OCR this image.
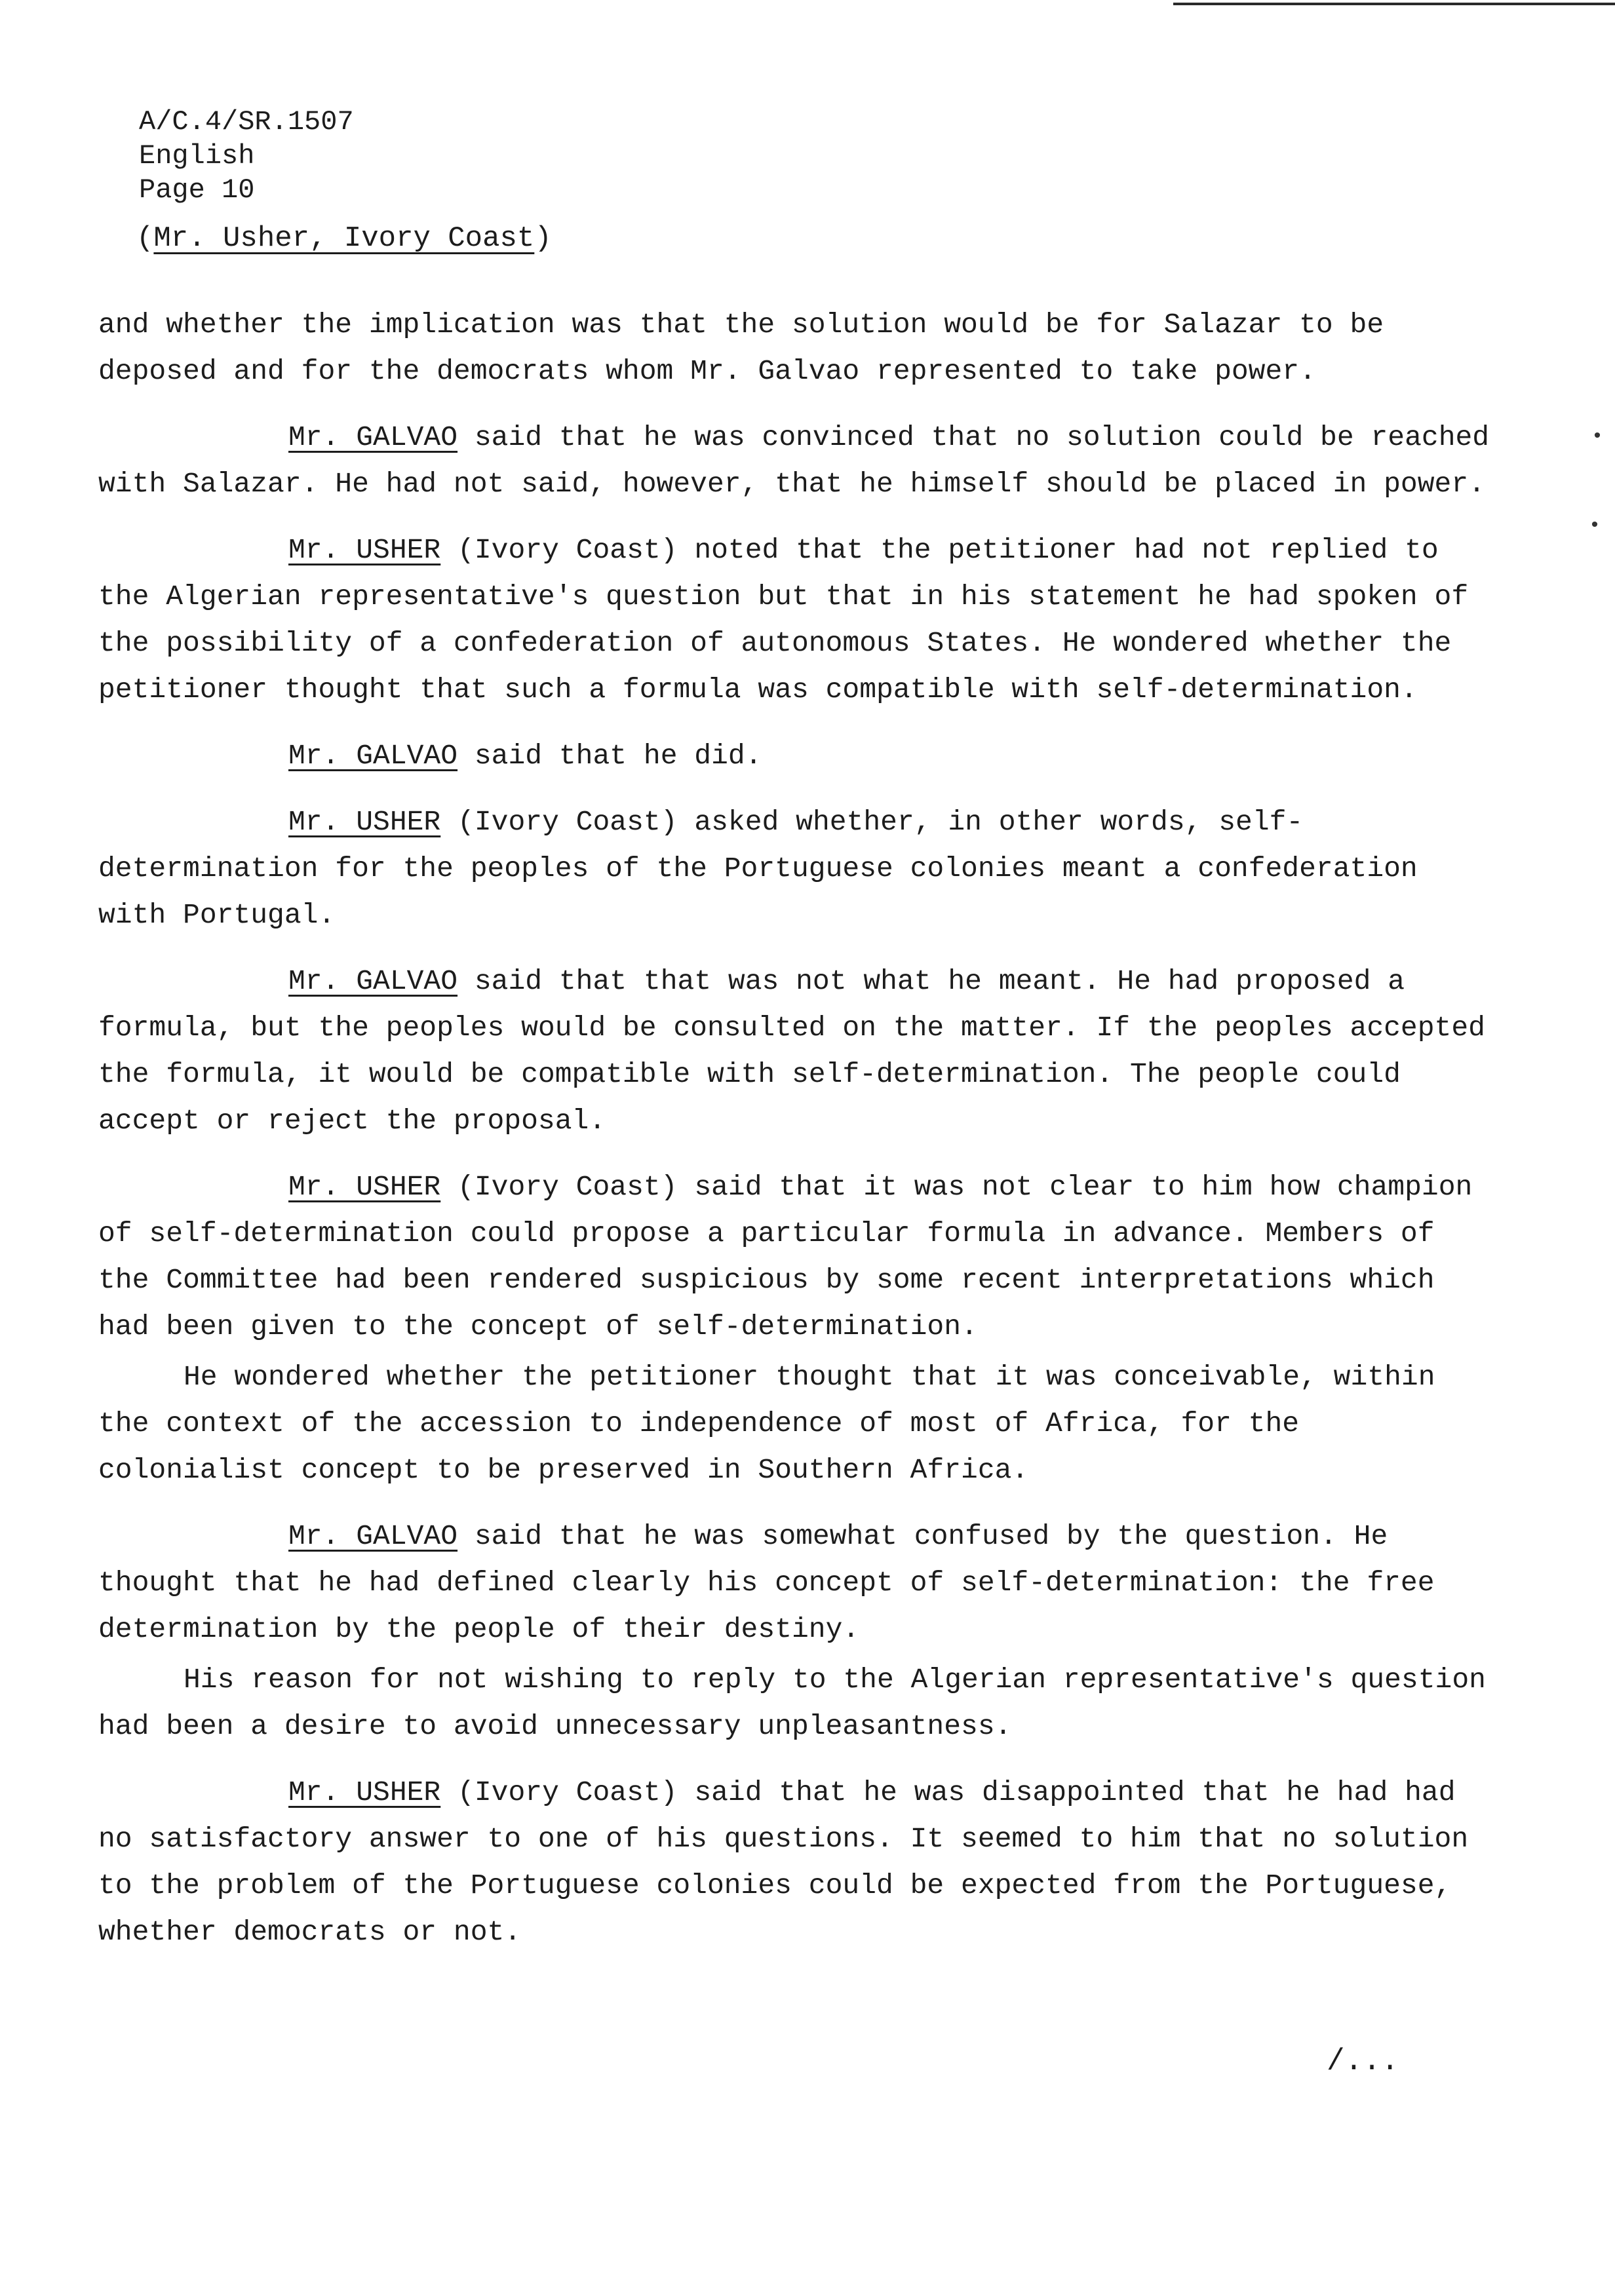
A/C.4/SR.1507
English
Page 10
(Mr. Usher, Ivory Coast)

and whether the implication was that the solution would be for Salazar to be deposed and for the democrats whom Mr. Galvao represented to take power.

Mr. GALVAO said that he was convinced that no solution could be reached with Salazar. He had not said, however, that he himself should be placed in power.

Mr. USHER (Ivory Coast) noted that the petitioner had not replied to the Algerian representative's question but that in his statement he had spoken of the possibility of a confederation of autonomous States. He wondered whether the petitioner thought that such a formula was compatible with self-determination.

Mr. GALVAO said that he did.

Mr. USHER (Ivory Coast) asked whether, in other words, self-determination for the peoples of the Portuguese colonies meant a confederation with Portugal.

Mr. GALVAO said that that was not what he meant. He had proposed a formula, but the peoples would be consulted on the matter. If the peoples accepted the formula, it would be compatible with self-determination. The people could accept or reject the proposal.

Mr. USHER (Ivory Coast) said that it was not clear to him how champion of self-determination could propose a particular formula in advance. Members of the Committee had been rendered suspicious by some recent interpretations which had been given to the concept of self-determination.

He wondered whether the petitioner thought that it was conceivable, within the context of the accession to independence of most of Africa, for the colonialist concept to be preserved in Southern Africa.

Mr. GALVAO said that he was somewhat confused by the question. He thought that he had defined clearly his concept of self-determination: the free determination by the people of their destiny.

His reason for not wishing to reply to the Algerian representative's question had been a desire to avoid unnecessary unpleasantness.

Mr. USHER (Ivory Coast) said that he was disappointed that he had had no satisfactory answer to one of his questions. It seemed to him that no solution to the problem of the Portuguese colonies could be expected from the Portuguese, whether democrats or not.

/...
•
•
